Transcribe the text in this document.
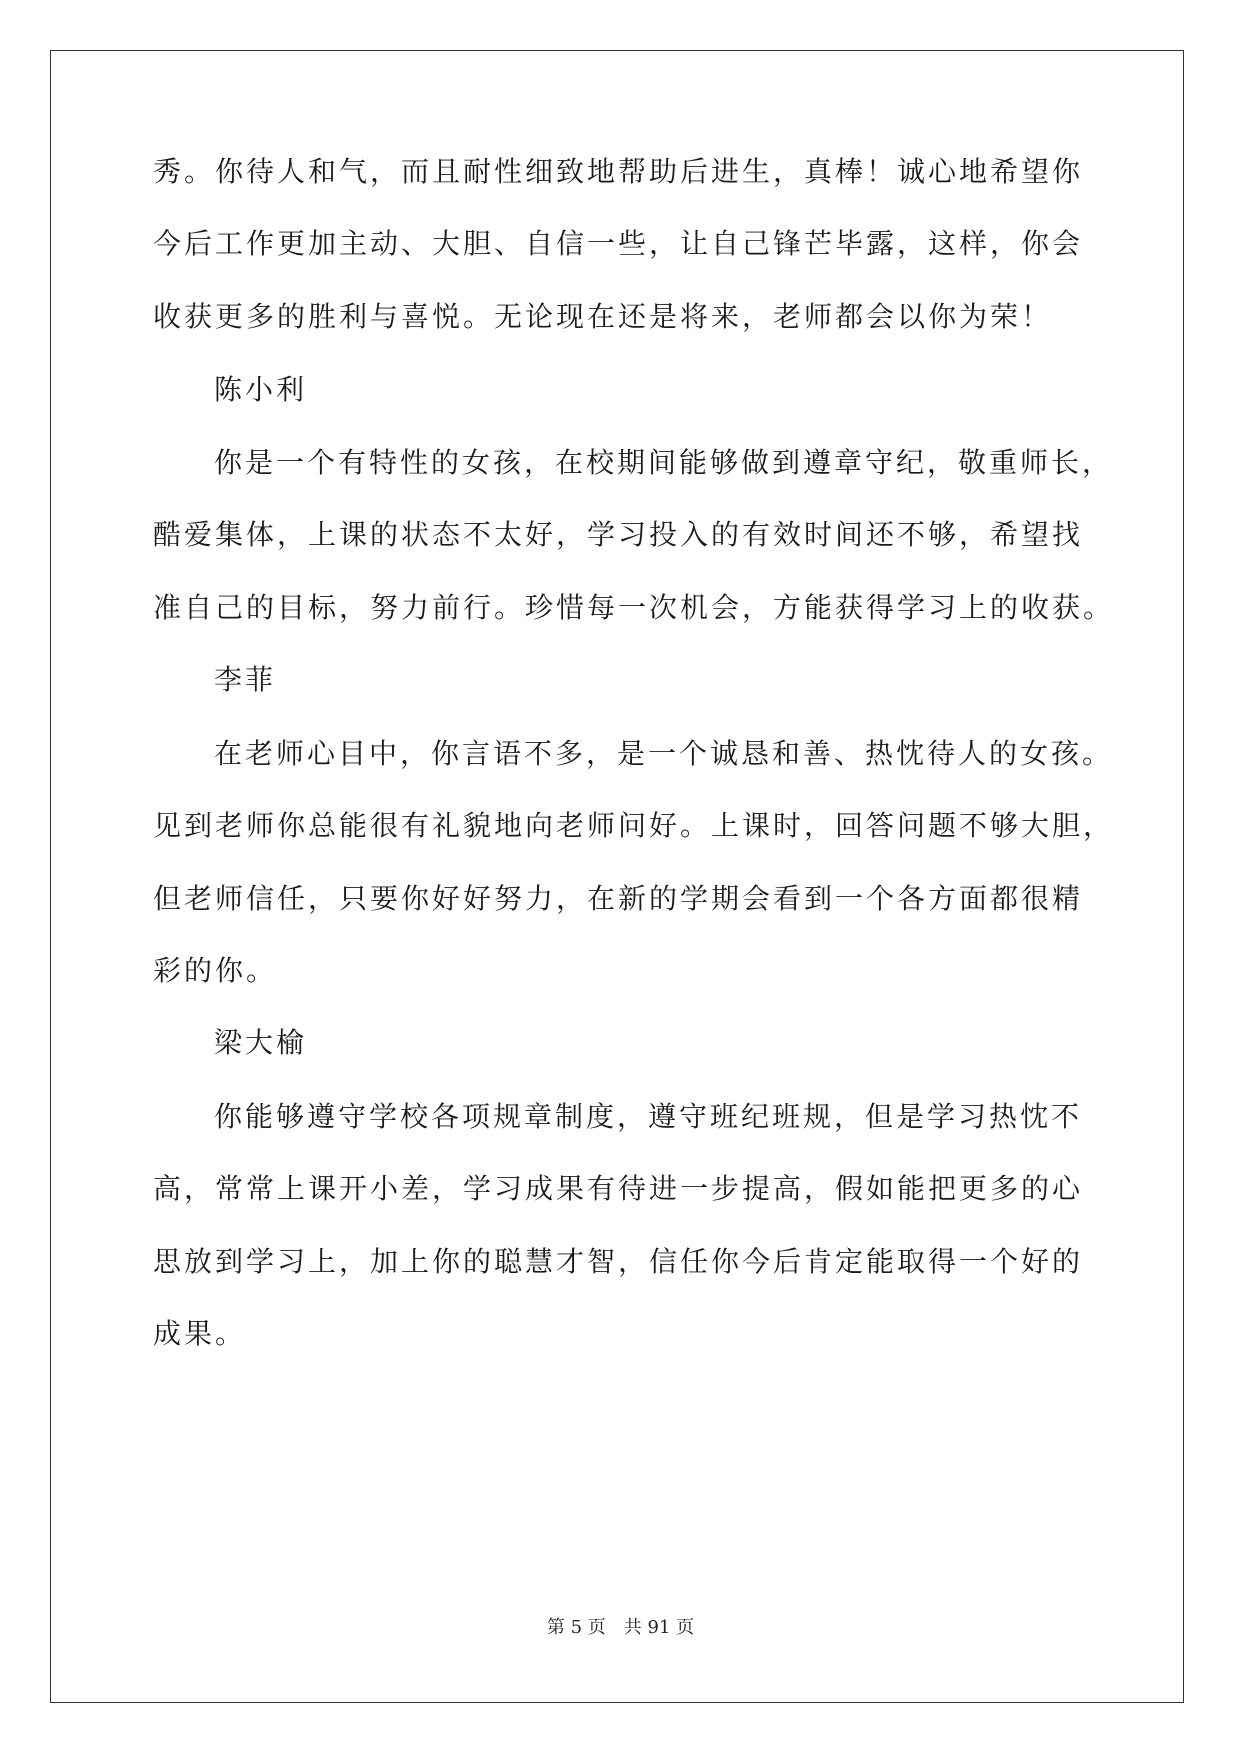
秀。你待人和气，而且耐性细致地帮助后进生，真棒！诚心地希望你

今后工作更加主动、大胆、自信一些，让自己锋芒毕露，这样，你会

收获更多的胜利与喜悦。无论现在还是将来，老师都会以你为荣！

陈小利

你是一个有特性的女孩，在校期间能够做到遵章守纪，敬重师长，

酷爱集体，上课的状态不太好，学习投入的有效时间还不够，希望找

准自己的目标，努力前行。珍惜每一次机会，方能获得学习上的收获。

李菲

在老师心目中，你言语不多，是一个诚恳和善、热忱待人的女孩。

见到老师你总能很有礼貌地向老师问好。上课时，回答问题不够大胆，

但老师信任，只要你好好努力，在新的学期会看到一个各方面都很精

彩的你。

梁大榆

你能够遵守学校各项规章制度，遵守班纪班规，但是学习热忱不

高，常常上课开小差，学习成果有待进一步提高，假如能把更多的心

思放到学习上，加上你的聪慧才智，信任你今后肯定能取得一个好的

成果。

第 5 页 共 91 页
